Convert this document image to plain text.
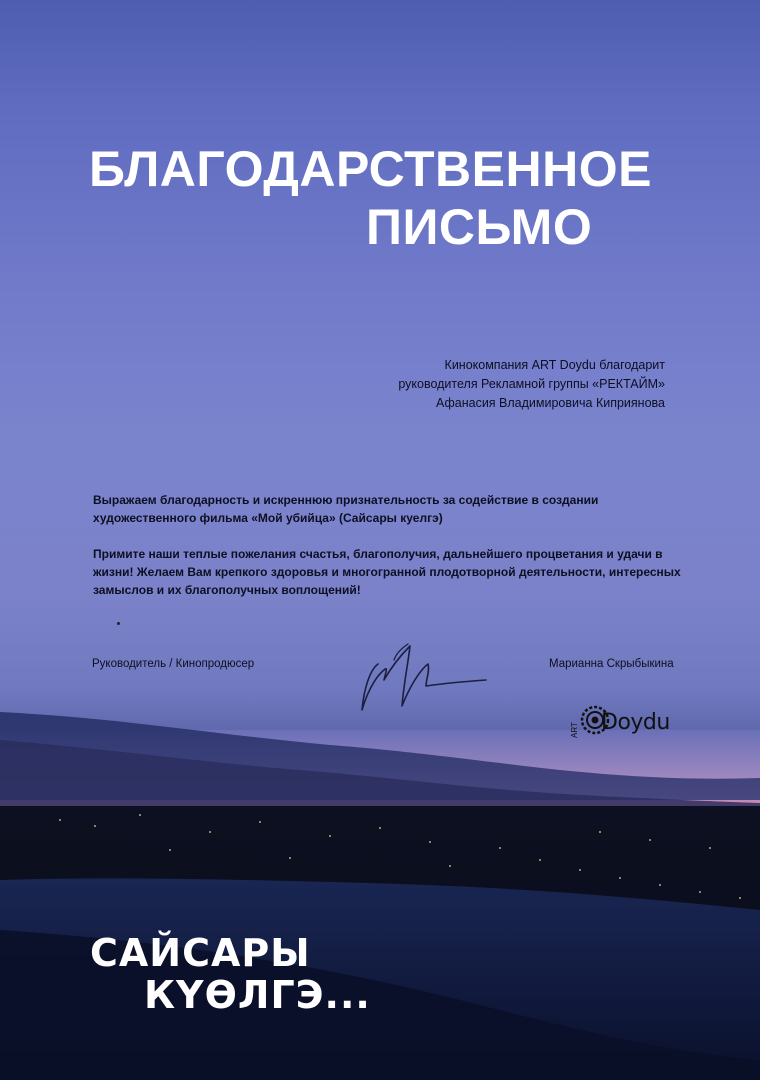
БЛАГОДАРСТВЕННОЕ
ПИСЬМО
Кинокомпания ART Doydu благодарит
руководителя Рекламной группы «РЕКТАЙМ»
Афанасия Владимировича Киприянова

Выражаем благодарность и искреннюю признательность за содействие в создании художественного фильма «Мой убийца» (Сайсары куелгэ)

Примите наши теплые пожелания счастья, благополучия, дальнейшего процветания и удачи в жизни! Желаем Вам крепкого здоровья и многогранной плодотворной деятельности, интересных замыслов и их благополучных воплощений!

Руководитель / Кинопродюсер	Марианна Скрыбыкина
ART Doydu
САЙСАРЫ
КҮӨЛГЭ...
